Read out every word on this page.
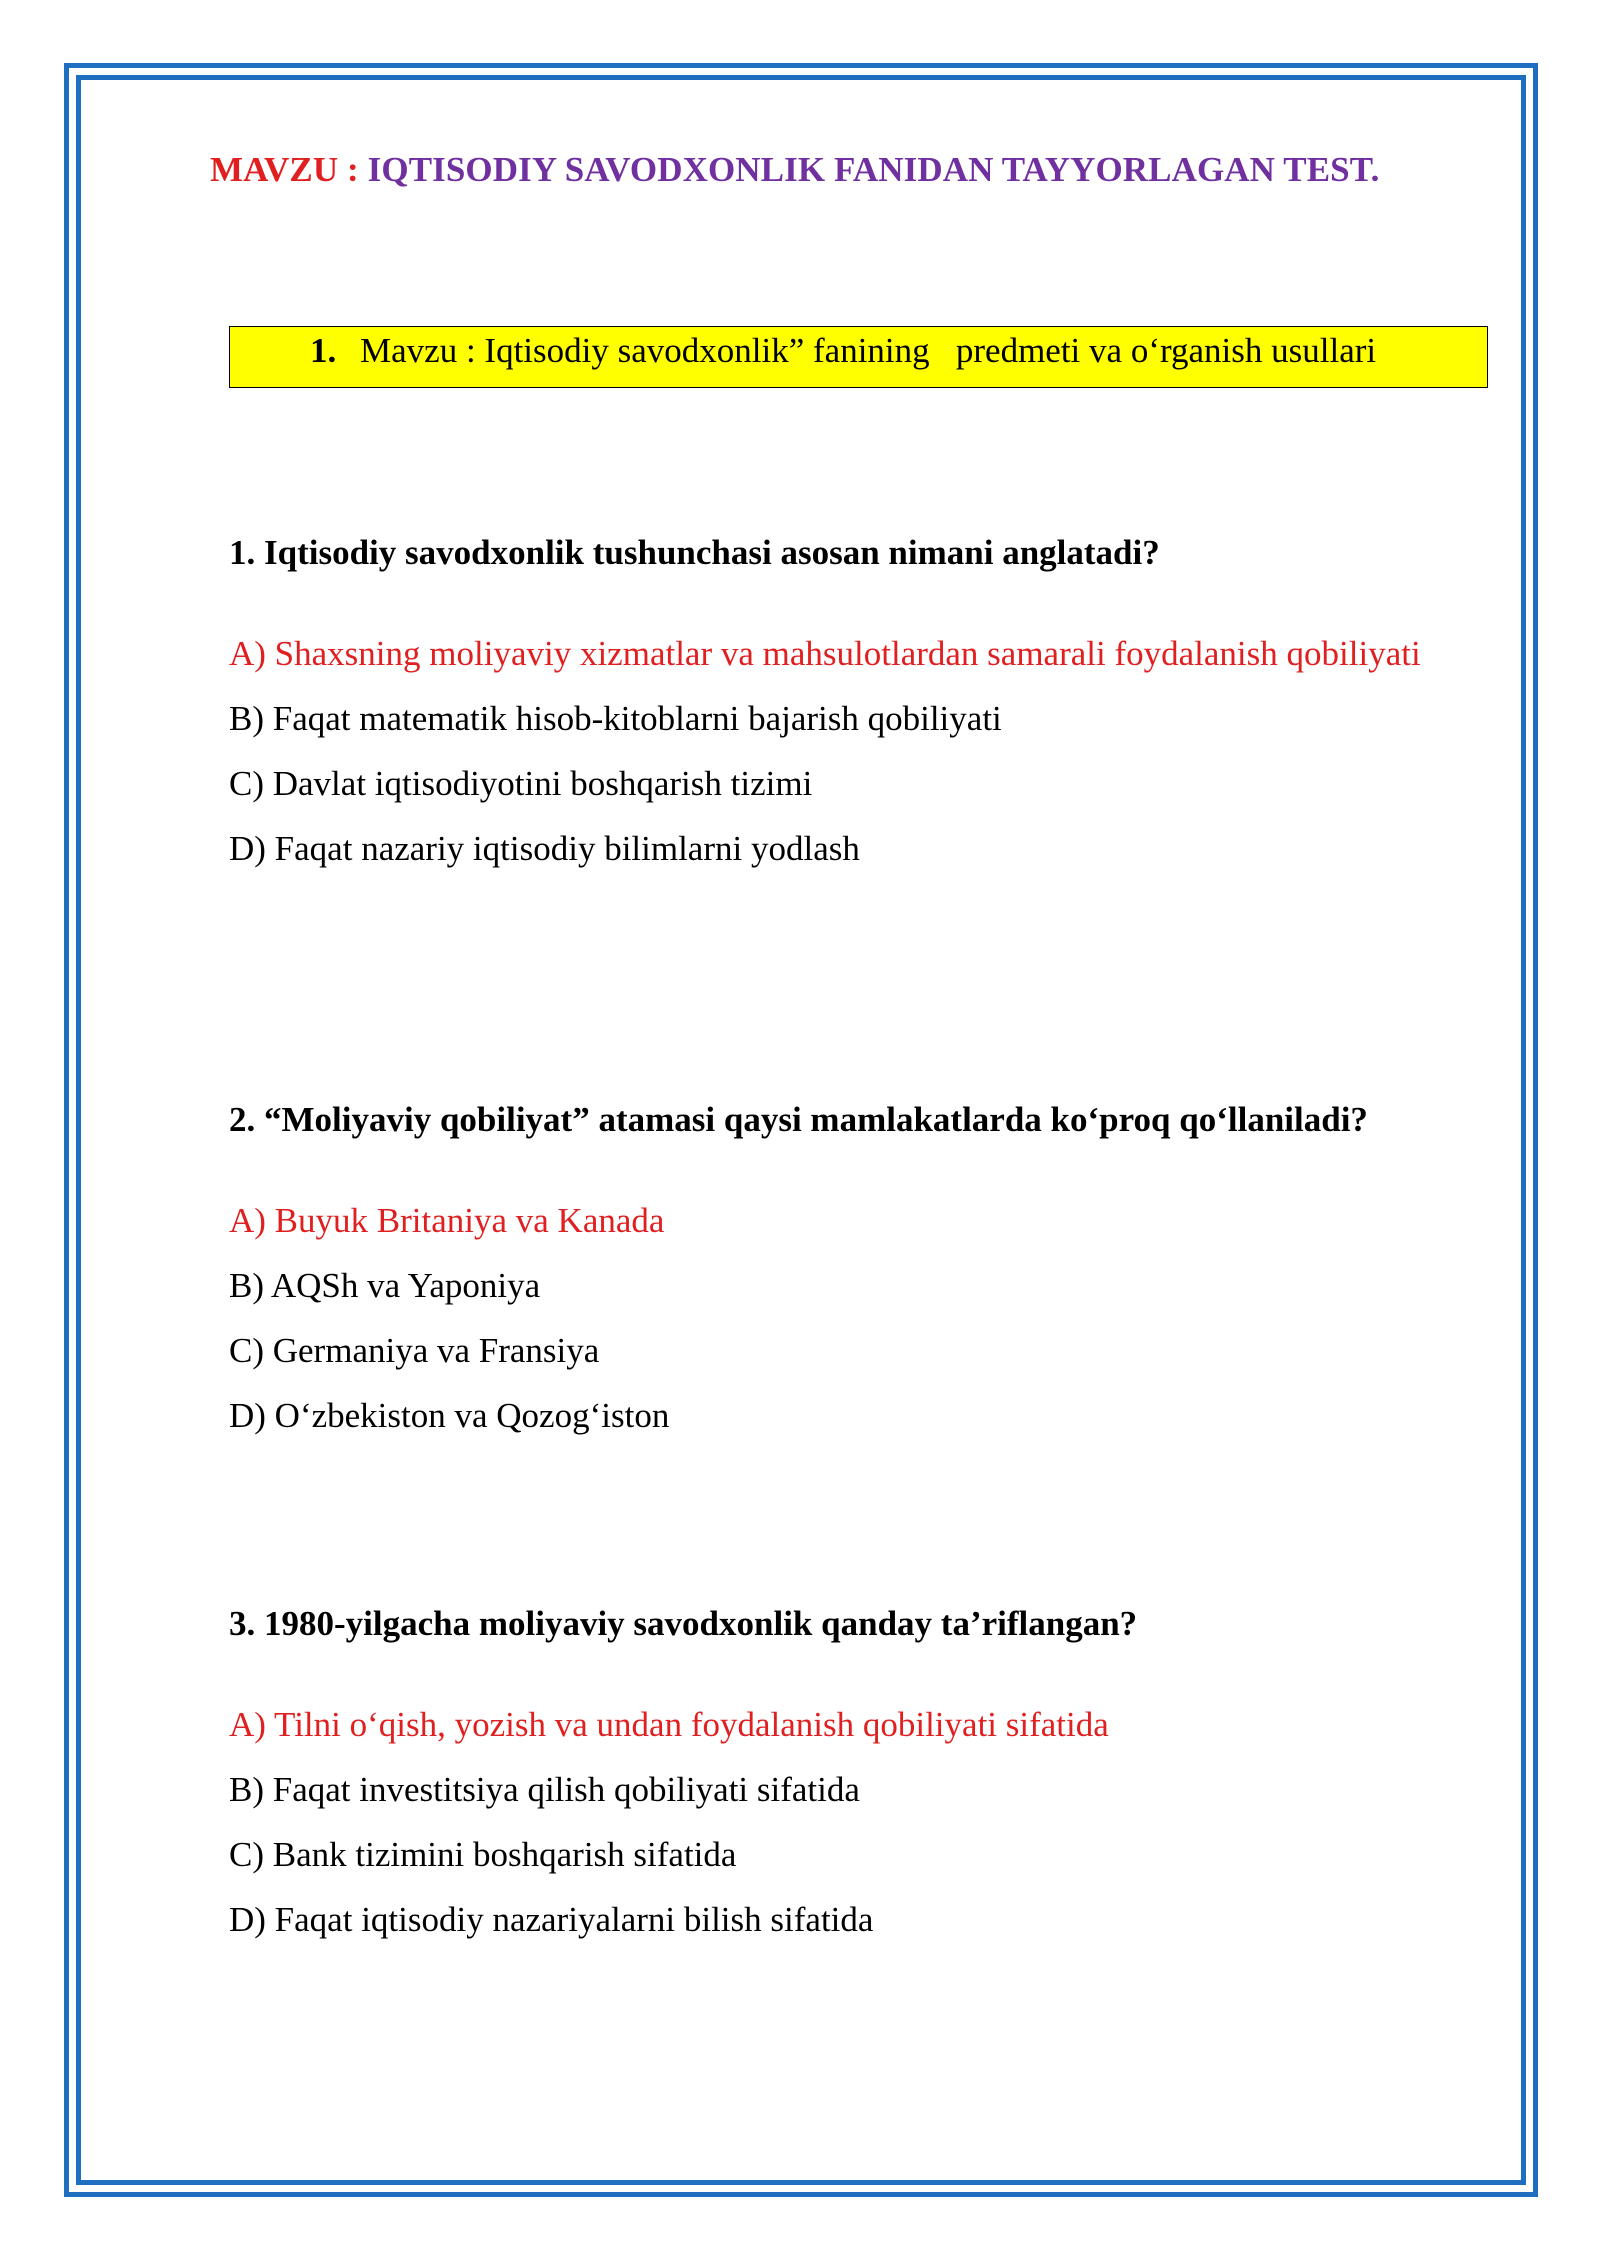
MAVZU : IQTISODIY SAVODXONLIK FANIDAN TAYYORLAGAN TEST.
1. Mavzu : Iqtisodiy savodxonlik” fanining   predmeti va o‘rganish usullari
1. Iqtisodiy savodxonlik tushunchasi asosan nimani anglatadi?
A) Shaxsning moliyaviy xizmatlar va mahsulotlardan samarali foydalanish qobiliyati
B) Faqat matematik hisob-kitoblarni bajarish qobiliyati
C) Davlat iqtisodiyotini boshqarish tizimi
D) Faqat nazariy iqtisodiy bilimlarni yodlash
2. “Moliyaviy qobiliyat” atamasi qaysi mamlakatlarda ko‘proq qo‘llaniladi?
A) Buyuk Britaniya va Kanada
B) AQSh va Yaponiya
C) Germaniya va Fransiya
D) O‘zbekiston va Qozog‘iston
3. 1980-yilgacha moliyaviy savodxonlik qanday ta’riflangan?
A) Tilni o‘qish, yozish va undan foydalanish qobiliyati sifatida
B) Faqat investitsiya qilish qobiliyati sifatida
C) Bank tizimini boshqarish sifatida
D) Faqat iqtisodiy nazariyalarni bilish sifatida
